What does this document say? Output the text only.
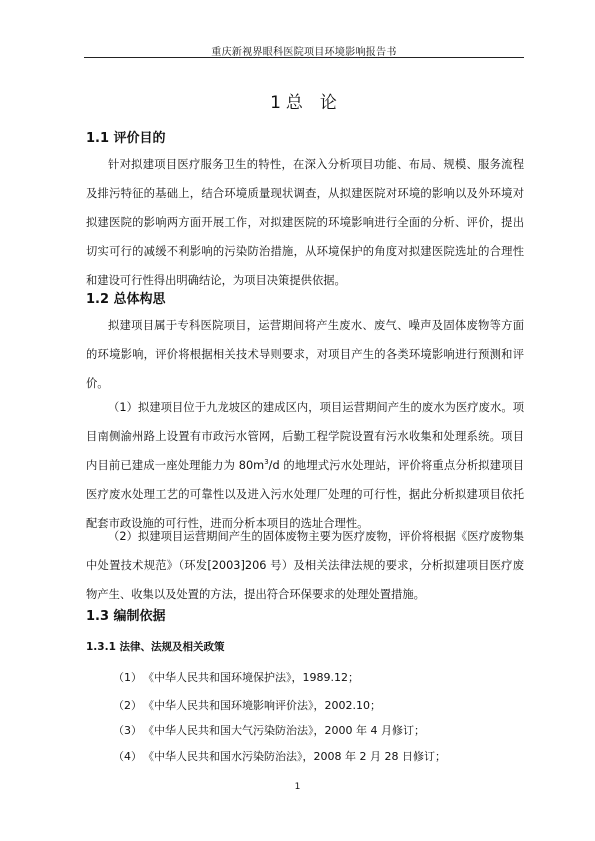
重庆新视界眼科医院项目环境影响报告书
1 总 论
1.1 评价目的
针对拟建项目医疗服务卫生的特性，在深入分析项目功能、布局、规模、服务流程及排污特征的基础上，结合环境质量现状调查，从拟建医院对环境的影响以及外环境对拟建医院的影响两方面开展工作，对拟建医院的环境影响进行全面的分析、评价，提出切实可行的减缓不利影响的污染防治措施，从环境保护的角度对拟建医院选址的合理性和建设可行性得出明确结论，为项目决策提供依据。
1.2 总体构思
拟建项目属于专科医院项目，运营期间将产生废水、废气、噪声及固体废物等方面的环境影响，评价将根据相关技术导则要求，对项目产生的各类环境影响进行预测和评价。
（1）拟建项目位于九龙坡区的建成区内，项目运营期间产生的废水为医疗废水。项目南侧渝州路上设置有市政污水管网，后勤工程学院设置有污水收集和处理系统。项目内目前已建成一座处理能力为 $80m^3/d$ 的地埋式污水处理站，评价将重点分析拟建项目医疗废水处理工艺的可靠性以及进入污水处理厂处理的可行性，据此分析拟建项目依托配套市政设施的可行性，进而分析本项目的选址合理性。
（2）拟建项目运营期间产生的固体废物主要为医疗废物，评价将根据《医疗废物集中处置技术规范》（环发[2003]206 号）及相关法律法规的要求，分析拟建项目医疗废物产生、收集以及处置的方法，提出符合环保要求的处理处置措施。
1.3 编制依据
1.3.1 法律、法规及相关政策
（1）《中华人民共和国环境保护法》，1989.12；
（2）《中华人民共和国环境影响评价法》，2002.10；
（3）《中华人民共和国大气污染防治法》，2000 年 4 月修订；
（4）《中华人民共和国水污染防治法》，2008 年 2 月 28 日修订；
1
